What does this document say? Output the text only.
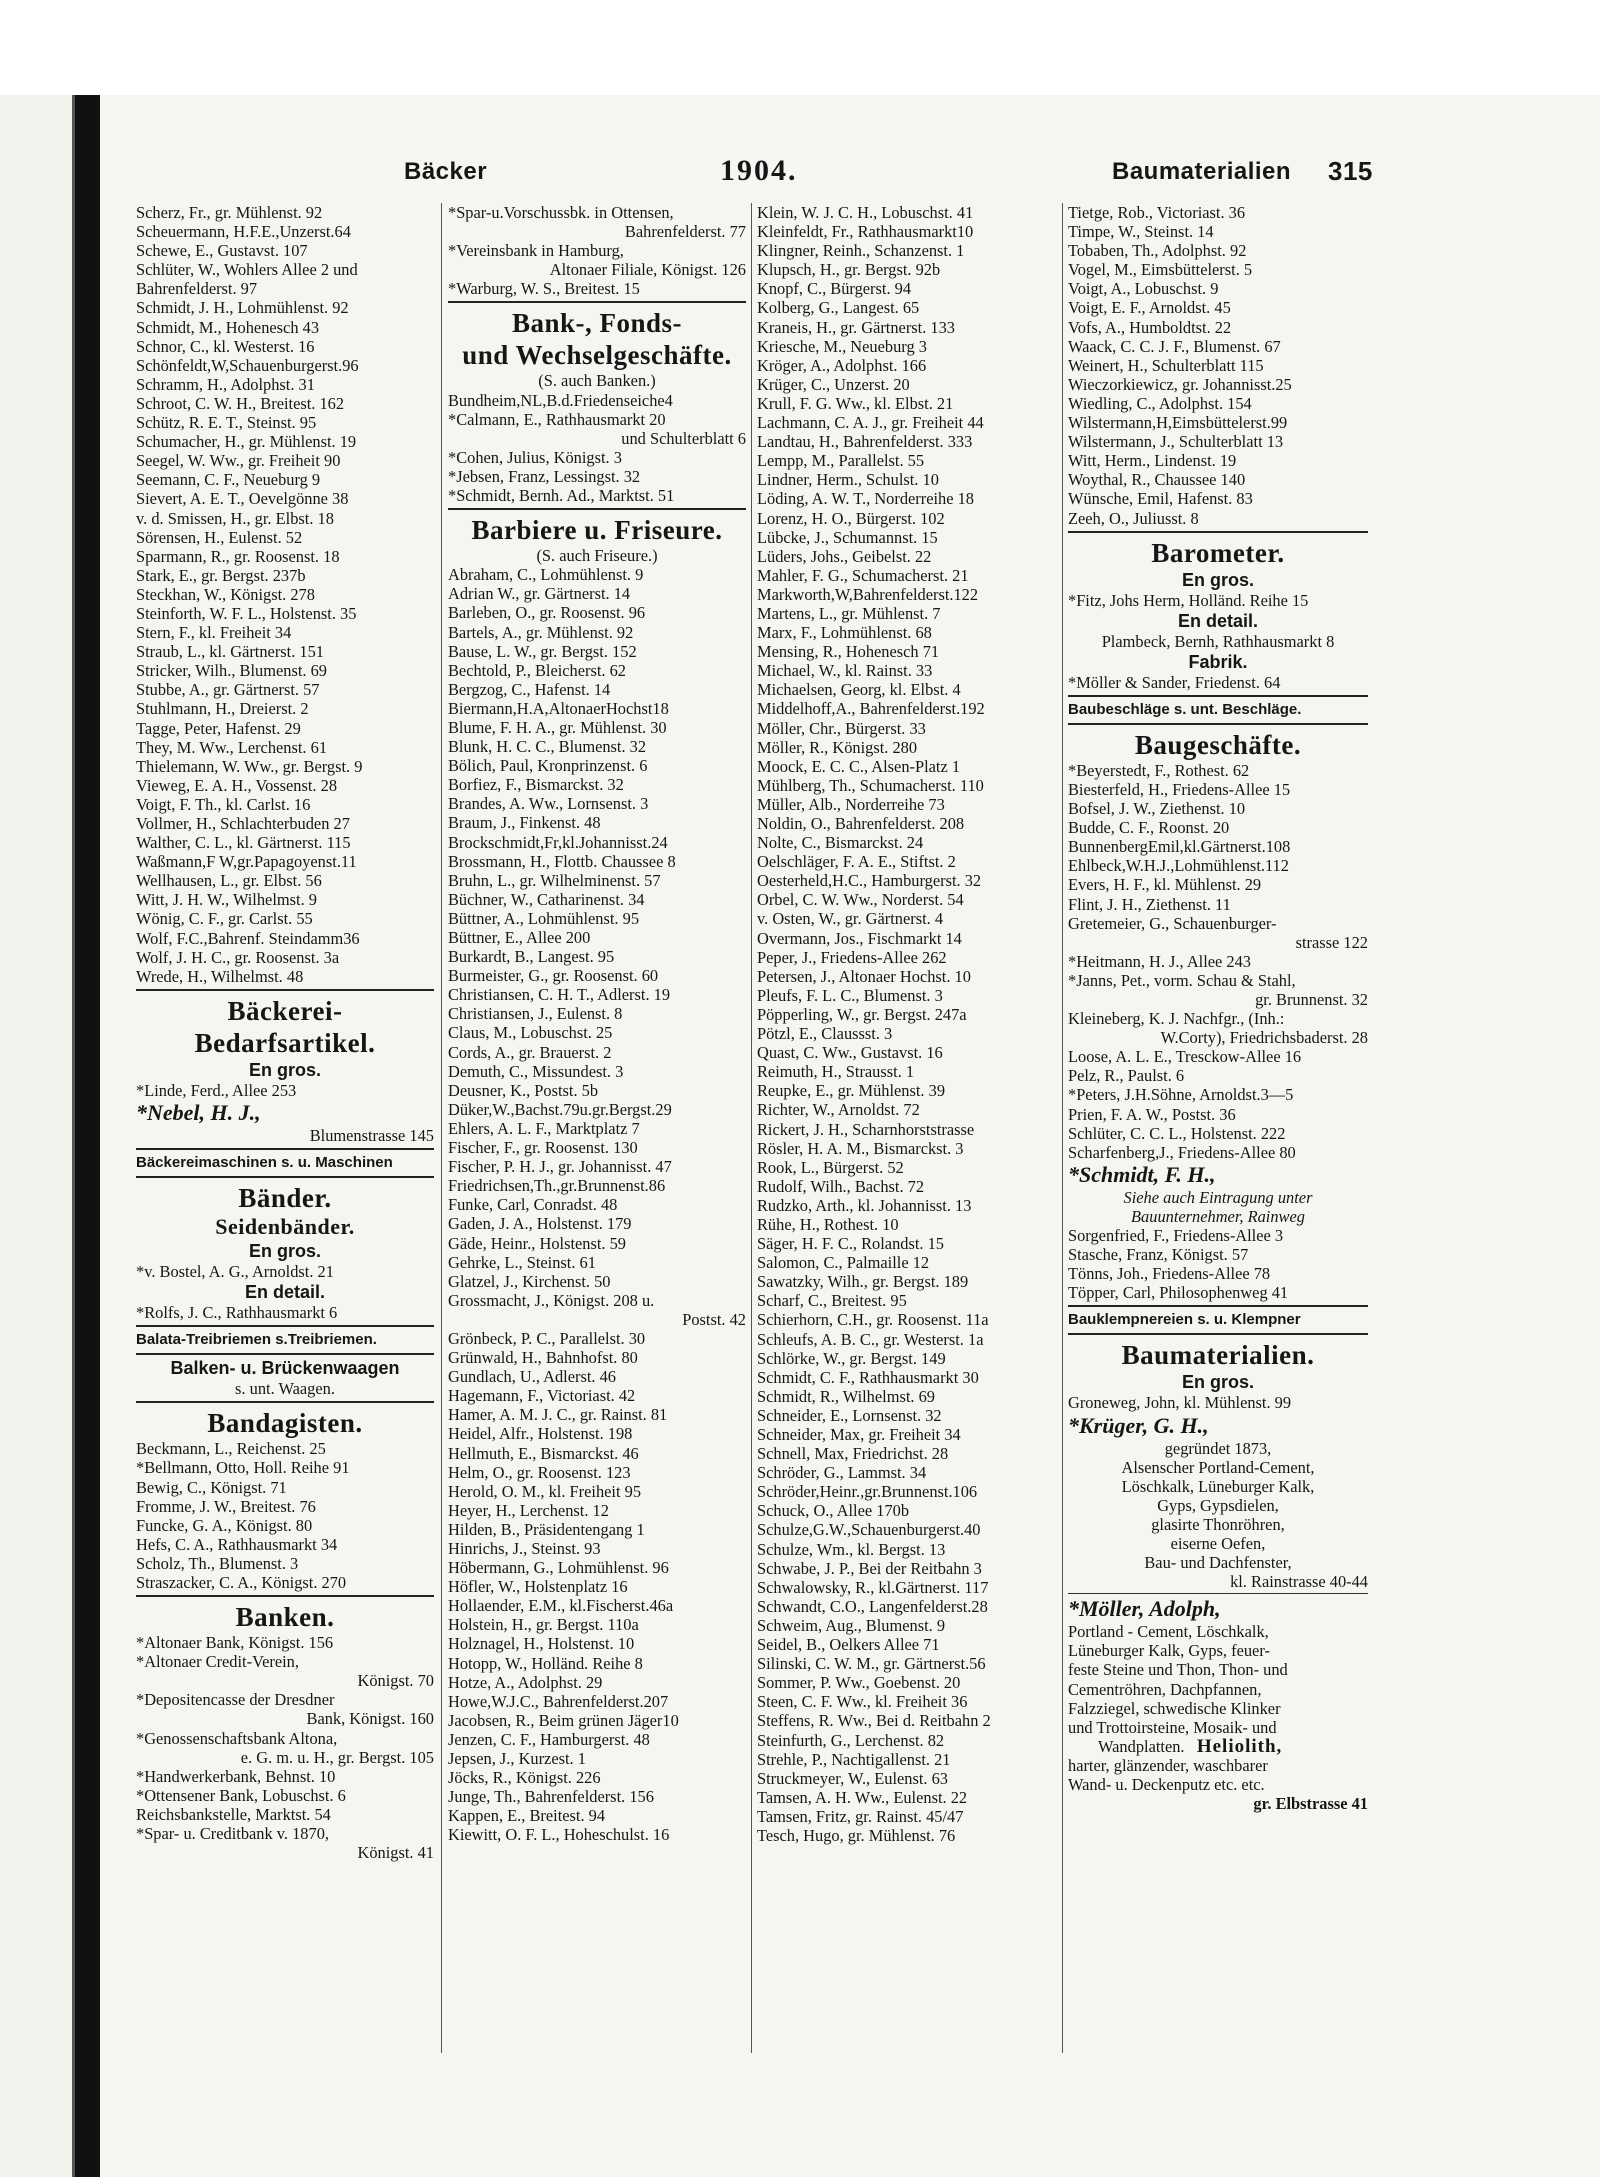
Bäcker	1904.	Baumaterialien 315
Scherz, Fr., gr. Mühlenst. 92
Scheuermann, H.F.E.,Unzerst.64
Schewe, E., Gustavst. 107
Schlüter, W., Wohlers Allee 2 und
Bahrenfelderst. 97
Schmidt, J. H., Lohmühlenst. 92
Schmidt, M., Hohenesch 43
Schnor, C., kl. Westerst. 16
Schönfeldt,W,Schauenburgerst.96
Schramm, H., Adolphst. 31
Schroot, C. W. H., Breitest. 162
Schütz, R. E. T., Steinst. 95
Schumacher, H., gr. Mühlenst. 19
Seegel, W. Ww., gr. Freiheit 90
Seemann, C. F., Neueburg 9
Sievert, A. E. T., Oevelgönne 38
v. d. Smissen, H., gr. Elbst. 18
Sörensen, H., Eulenst. 52
Sparmann, R., gr. Roosenst. 18
Stark, E., gr. Bergst. 237b
Steckhan, W., Königst. 278
Steinforth, W. F. L., Holstenst. 35
Stern, F., kl. Freiheit 34
Straub, L., kl. Gärtnerst. 151
Stricker, Wilh., Blumenst. 69
Stubbe, A., gr. Gärtnerst. 57
Stuhlmann, H., Dreierst. 2
Tagge, Peter, Hafenst. 29
They, M. Ww., Lerchenst. 61
Thielemann, W. Ww., gr. Bergst. 9
Vieweg, E. A. H., Vossenst. 28
Voigt, F. Th., kl. Carlst. 16
Vollmer, H., Schlachterbuden 27
Walther, C. L., kl. Gärtnerst. 115
Waßmann,F W,gr.Papagoyenst.11
Wellhausen, L., gr. Elbst. 56
Witt, J. H. W., Wilhelmst. 9
Wönig, C. F., gr. Carlst. 55
Wolf, F.C.,Bahrenf. Steindamm36
Wolf, J. H. C., gr. Roosenst. 3a
Wrede, H., Wilhelmst. 48
Bäckerei-
Bedarfsartikel.
En gros.
*Linde, Ferd., Allee 253
*Nebel, H. J.,
Blumenstrasse 145
Bäckereimaschinen s. u. Maschinen
Bänder.
Seidenbänder.
En gros.
*v. Bostel, A. G., Arnoldst. 21
En detail.
*Rolfs, J. C., Rathhausmarkt 6
Balata-Treibriemen s.Treibriemen.
Balken- u. Brückenwaagen
s. unt. Waagen.
Bandagisten.
Beckmann, L., Reichenst. 25
*Bellmann, Otto, Holl. Reihe 91
Bewig, C., Königst. 71
Fromme, J. W., Breitest. 76
Funcke, G. A., Königst. 80
Hefs, C. A., Rathhausmarkt 34
Scholz, Th., Blumenst. 3
Straszacker, C. A., Königst. 270
Banken.
*Altonaer Bank, Königst. 156
*Altonaer Credit-Verein,
Königst. 70
*Depositencasse der Dresdner
Bank, Königst. 160
*Genossenschaftsbank Altona,
e. G. m. u. H., gr. Bergst. 105
*Handwerkerbank, Behnst. 10
*Ottensener Bank, Lobuschst. 6
Reichsbankstelle, Marktst. 54
*Spar- u. Creditbank v. 1870,
Königst. 41
*Spar-u.Vorschussbk. in Ottensen,
Bahrenfelderst. 77
*Vereinsbank in Hamburg,
Altonaer Filiale, Königst. 126
*Warburg, W. S., Breitest. 15
Bank-, Fonds-
und Wechselgeschäfte.
(S. auch Banken.)
Bundheim,NL,B.d.Friedenseiche4
*Calmann, E., Rathhausmarkt 20
und Schulterblatt 6
*Cohen, Julius, Königst. 3
*Jebsen, Franz, Lessingst. 32
*Schmidt, Bernh. Ad., Marktst. 51
Barbiere u. Friseure.
(S. auch Friseure.)
Abraham, C., Lohmühlenst. 9
Adrian W., gr. Gärtnerst. 14
Barleben, O., gr. Roosenst. 96
Bartels, A., gr. Mühlenst. 92
Bause, L. W., gr. Bergst. 152
Bechtold, P., Bleicherst. 62
Bergzog, C., Hafenst. 14
Biermann,H.A,AltonaerHochst18
Blume, F. H. A., gr. Mühlenst. 30
Blunk, H. C. C., Blumenst. 32
Bölich, Paul, Kronprinzenst. 6
Borfiez, F., Bismarckst. 32
Brandes, A. Ww., Lornsenst. 3
Braum, J., Finkenst. 48
Brockschmidt,Fr,kl.Johannisst.24
Brossmann, H., Flottb. Chaussee 8
Bruhn, L., gr. Wilhelminenst. 57
Büchner, W., Catharinenst. 34
Büttner, A., Lohmühlenst. 95
Büttner, E., Allee 200
Burkardt, B., Langest. 95
Burmeister, G., gr. Roosenst. 60
Christiansen, C. H. T., Adlerst. 19
Christiansen, J., Eulenst. 8
Claus, M., Lobuschst. 25
Cords, A., gr. Brauerst. 2
Demuth, C., Missundest. 3
Deusner, K., Postst. 5b
Düker,W.,Bachst.79u.gr.Bergst.29
Ehlers, A. L. F., Marktplatz 7
Fischer, F., gr. Roosenst. 130
Fischer, P. H. J., gr. Johannisst. 47
Friedrichsen,Th.,gr.Brunnenst.86
Funke, Carl, Conradst. 48
Gaden, J. A., Holstenst. 179
Gäde, Heinr., Holstenst. 59
Gehrke, L., Steinst. 61
Glatzel, J., Kirchenst. 50
Grossmacht, J., Königst. 208 u.
Postst. 42
Grönbeck, P. C., Parallelst. 30
Grünwald, H., Bahnhofst. 80
Gundlach, U., Adlerst. 46
Hagemann, F., Victoriast. 42
Hamer, A. M. J. C., gr. Rainst. 81
Heidel, Alfr., Holstenst. 198
Hellmuth, E., Bismarckst. 46
Helm, O., gr. Roosenst. 123
Herold, O. M., kl. Freiheit 95
Heyer, H., Lerchenst. 12
Hilden, B., Präsidentengang 1
Hinrichs, J., Steinst. 93
Höbermann, G., Lohmühlenst. 96
Höfler, W., Holstenplatz 16
Hollaender, E.M., kl.Fischerst.46a
Holstein, H., gr. Bergst. 110a
Holznagel, H., Holstenst. 10
Hotopp, W., Holländ. Reihe 8
Hotze, A., Adolphst. 29
Howe,W.J.C., Bahrenfelderst.207
Jacobsen, R., Beim grünen Jäger10
Jenzen, C. F., Hamburgerst. 48
Jepsen, J., Kurzest. 1
Jöcks, R., Königst. 226
Junge, Th., Bahrenfelderst. 156
Kappen, E., Breitest. 94
Kiewitt, O. F. L., Hoheschulst. 16
Klein, W. J. C. H., Lobuschst. 41
Kleinfeldt, Fr., Rathhausmarkt10
Klingner, Reinh., Schanzenst. 1
Klupsch, H., gr. Bergst. 92b
Knopf, C., Bürgerst. 94
Kolberg, G., Langest. 65
Kraneis, H., gr. Gärtnerst. 133
Kriesche, M., Neueburg 3
Kröger, A., Adolphst. 166
Krüger, C., Unzerst. 20
Krull, F. G. Ww., kl. Elbst. 21
Lachmann, C. A. J., gr. Freiheit 44
Landtau, H., Bahrenfelderst. 333
Lempp, M., Parallelst. 55
Lindner, Herm., Schulst. 10
Löding, A. W. T., Norderreihe 18
Lorenz, H. O., Bürgerst. 102
Lübcke, J., Schumannst. 15
Lüders, Johs., Geibelst. 22
Mahler, F. G., Schumacherst. 21
Markworth,W,Bahrenfelderst.122
Martens, L., gr. Mühlenst. 7
Marx, F., Lohmühlenst. 68
Mensing, R., Hohenesch 71
Michael, W., kl. Rainst. 33
Michaelsen, Georg, kl. Elbst. 4
Middelhoff,A., Bahrenfelderst.192
Möller, Chr., Bürgerst. 33
Möller, R., Königst. 280
Moock, E. C. C., Alsen-Platz 1
Mühlberg, Th., Schumacherst. 110
Müller, Alb., Norderreihe 73
Noldin, O., Bahrenfelderst. 208
Nolte, C., Bismarckst. 24
Oelschläger, F. A. E., Stiftst. 2
Oesterheld,H.C., Hamburgerst. 32
Orbel, C. W. Ww., Norderst. 54
v. Osten, W., gr. Gärtnerst. 4
Overmann, Jos., Fischmarkt 14
Peper, J., Friedens-Allee 262
Petersen, J., Altonaer Hochst. 10
Pleufs, F. L. C., Blumenst. 3
Pöpperling, W., gr. Bergst. 247a
Pötzl, E., Claussst. 3
Quast, C. Ww., Gustavst. 16
Reimuth, H., Strausst. 1
Reupke, E., gr. Mühlenst. 39
Richter, W., Arnoldst. 72
Rickert, J. H., Scharnhorststrasse
Rösler, H. A. M., Bismarckst. 3
Rook, L., Bürgerst. 52
Rudolf, Wilh., Bachst. 72
Rudzko, Arth., kl. Johannisst. 13
Rühe, H., Rothest. 10
Säger, H. F. C., Rolandst. 15
Salomon, C., Palmaille 12
Sawatzky, Wilh., gr. Bergst. 189
Scharf, C., Breitest. 95
Schierhorn, C.H., gr. Roosenst. 11a
Schleufs, A. B. C., gr. Westerst. 1a
Schlörke, W., gr. Bergst. 149
Schmidt, C. F., Rathhausmarkt 30
Schmidt, R., Wilhelmst. 69
Schneider, E., Lornsenst. 32
Schneider, Max, gr. Freiheit 34
Schnell, Max, Friedrichst. 28
Schröder, G., Lammst. 34
Schröder,Heinr.,gr.Brunnenst.106
Schuck, O., Allee 170b
Schulze,G.W.,Schauenburgerst.40
Schulze, Wm., kl. Bergst. 13
Schwabe, J. P., Bei der Reitbahn 3
Schwalowsky, R., kl.Gärtnerst. 117
Schwandt, C.O., Langenfelderst.28
Schweim, Aug., Blumenst. 9
Seidel, B., Oelkers Allee 71
Silinski, C. W. M., gr. Gärtnerst.56
Sommer, P. Ww., Goebenst. 20
Steen, C. F. Ww., kl. Freiheit 36
Steffens, R. Ww., Bei d. Reitbahn 2
Steinfurth, G., Lerchenst. 82
Strehle, P., Nachtigallenst. 21
Struckmeyer, W., Eulenst. 63
Tamsen, A. H. Ww., Eulenst. 22
Tamsen, Fritz, gr. Rainst. 45/47
Tesch, Hugo, gr. Mühlenst. 76
Tietge, Rob., Victoriast. 36
Timpe, W., Steinst. 14
Tobaben, Th., Adolphst. 92
Vogel, M., Eimsbüttelerst. 5
Voigt, A., Lobuschst. 9
Voigt, E. F., Arnoldst. 45
Vofs, A., Humboldtst. 22
Waack, C. C. J. F., Blumenst. 67
Weinert, H., Schulterblatt 115
Wieczorkiewicz, gr. Johannisst.25
Wiedling, C., Adolphst. 154
Wilstermann,H,Eimsbüttelerst.99
Wilstermann, J., Schulterblatt 13
Witt, Herm., Lindenst. 19
Woythal, R., Chaussee 140
Wünsche, Emil, Hafenst. 83
Zeeh, O., Juliusst. 8
Barometer.
En gros.
*Fitz, Johs Herm, Holländ. Reihe 15
En detail.
Plambeck, Bernh, Rathhausmarkt 8
Fabrik.
*Möller & Sander, Friedenst. 64
Baubeschläge s. unt. Beschläge.
Baugeschäfte.
*Beyerstedt, F., Rothest. 62
Biesterfeld, H., Friedens-Allee 15
Bofsel, J. W., Ziethenst. 10
Budde, C. F., Roonst. 20
BunnenbergEmil,kl.Gärtnerst.108
Ehlbeck,W.H.J.,Lohmühlenst.112
Evers, H. F., kl. Mühlenst. 29
Flint, J. H., Ziethenst. 11
Gretemeier, G., Schauenburger-
strasse 122
*Heitmann, H. J., Allee 243
*Janns, Pet., vorm. Schau & Stahl,
gr. Brunnenst. 32
Kleineberg, K. J. Nachfgr., (Inh.:
W.Corty), Friedrichsbaderst. 28
Loose, A. L. E., Tresckow-Allee 16
Pelz, R., Paulst. 6
*Peters, J.H.Söhne, Arnoldst.3—5
Prien, F. A. W., Postst. 36
Schlüter, C. C. L., Holstenst. 222
Scharfenberg,J., Friedens-Allee 80
*Schmidt, F. H.,
Siehe auch Eintragung unter
Bauunternehmer, Rainweg
Sorgenfried, F., Friedens-Allee 3
Stasche, Franz, Königst. 57
Tönns, Joh., Friedens-Allee 78
Töpper, Carl, Philosophenweg 41
Bauklempnereien s. u. Klempner
Baumaterialien.
En gros.
Groneweg, John, kl. Mühlenst. 99
*Krüger, G. H.,
gegründet 1873,
Alsenscher Portland-Cement,
Löschkalk, Lüneburger Kalk,
Gyps, Gypsdielen,
glasirte Thonröhren,
eiserne Oefen,
Bau- und Dachfenster,
kl. Rainstrasse 40-44
*Möller, Adolph,
Portland - Cement, Löschkalk,
Lüneburger Kalk, Gyps, feuer-
feste Steine und Thon, Thon- und
Cementröhren, Dachpfannen,
Falzziegel, schwedische Klinker
und Trottoirsteine, Mosaik- und
Wandplatten. Heliolith,
harter, glänzender, waschbarer
Wand- u. Deckenputz etc. etc.
gr. Elbstrasse 41
